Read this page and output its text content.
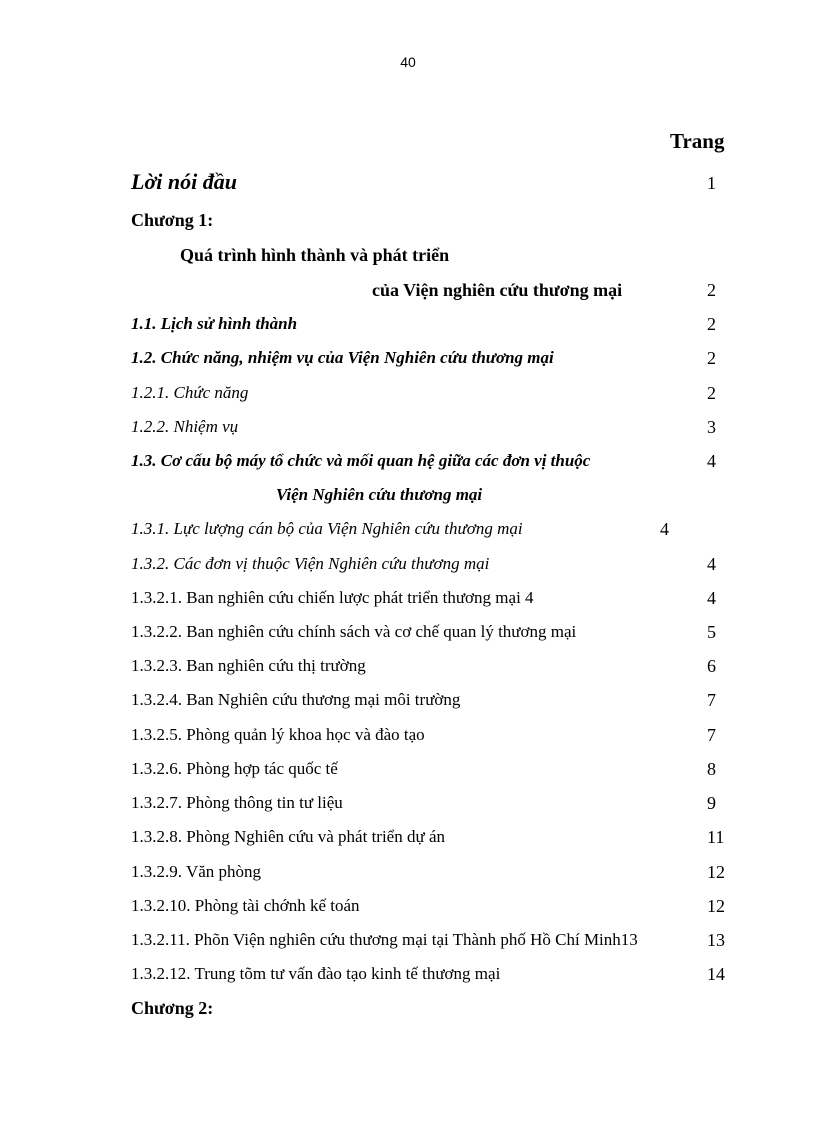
40
Trang
Lời nói đầu	1
Chương 1:
Quá trình hình thành và phát triển
của Viện nghiên cứu thương mại	2
1.1. Lịch sử hình thành	2
1.2. Chức năng, nhiệm vụ của Viện Nghiên cứu thương mại	2
1.2.1. Chức năng	2
1.2.2. Nhiệm vụ	3
1.3. Cơ cấu bộ máy tổ chức và mối quan hệ giữa các đơn vị thuộc	4
Viện Nghiên cứu thương mại
1.3.1. Lực lượng cán bộ của Viện Nghiên cứu thương mại	4
1.3.2. Các đơn vị thuộc Viện Nghiên cứu thương mại	4
1.3.2.1. Ban nghiên cứu chiến lược phát triển thương mại 4	4
1.3.2.2. Ban nghiên cứu chính sách và cơ chế quan lý thương mại	5
1.3.2.3. Ban nghiên cứu thị trường	6
1.3.2.4. Ban Nghiên cứu thương mại môi trường	7
1.3.2.5. Phòng quản lý khoa học và đào tạo	7
1.3.2.6. Phòng hợp tác quốc tế	8
1.3.2.7. Phòng thông tin tư liệu	9
1.3.2.8. Phòng Nghiên cứu và phát triển dự án	11
1.3.2.9. Văn phòng	12
1.3.2.10. Phòng tài chớnh kế toán	12
1.3.2.11. Phõn Viện nghiên cứu thương mại tại Thành phố Hồ Chí Minh13	13
1.3.2.12. Trung tõm tư vấn đào tạo kinh tế thương mại	14
Chương 2:
